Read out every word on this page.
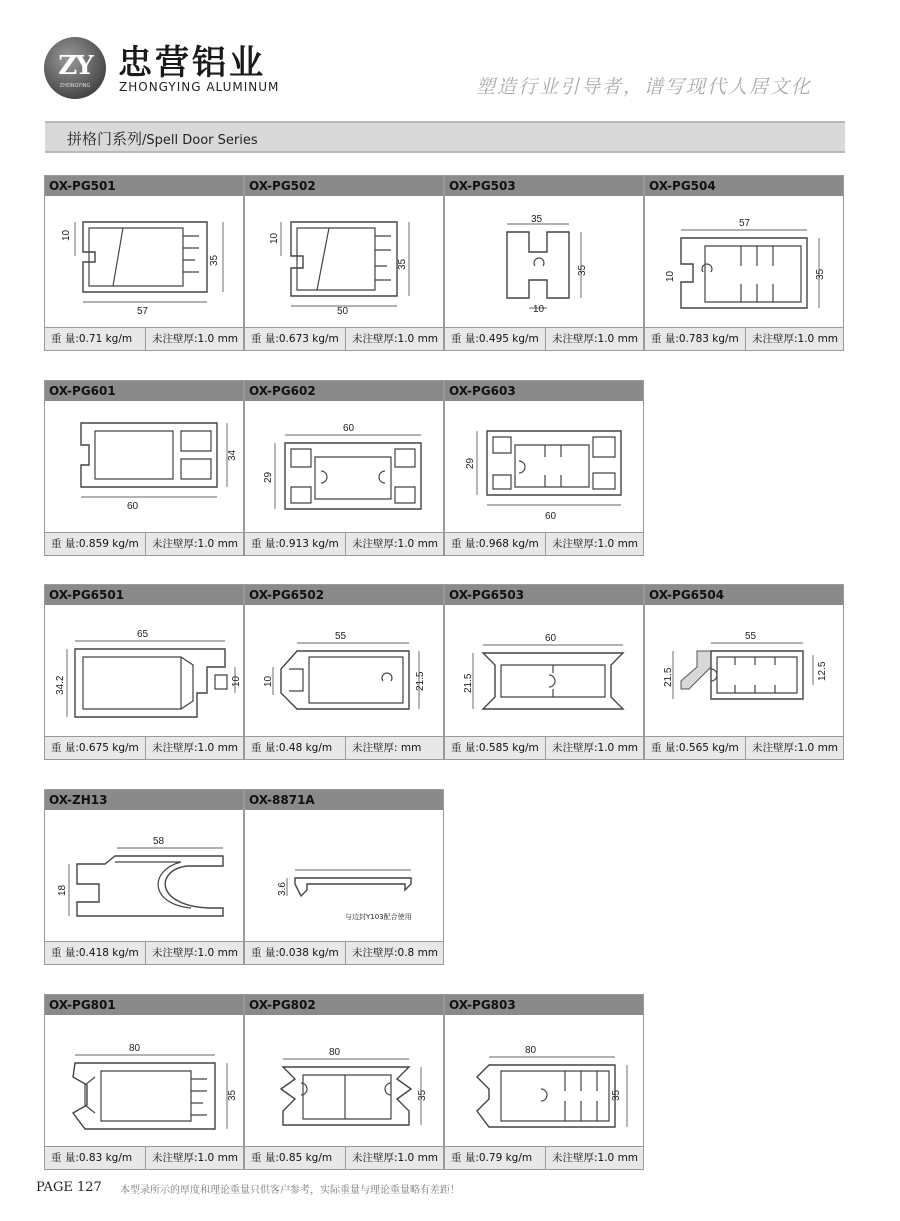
ZY
ZHONGYING
忠营铝业
ZHONGYING ALUMINUM	塑造行业引导者，谱写现代人居文化
拼格门系列/Spell Door Series
OX-PG501
10
35
57
重 量:0.71 kg/m 未注壁厚:1.0 mm
OX-PG502
10
35
50
重 量:0.673 kg/m 未注壁厚:1.0 mm
OX-PG503
35
35
10
重 量:0.495 kg/m 未注壁厚:1.0 mm
OX-PG504
57
10	35
重 量:0.783 kg/m 未注壁厚:1.0 mm
OX-PG601
34
60
重 量:0.859 kg/m 未注壁厚:1.0 mm
OX-PG602
60
29
重 量:0.913 kg/m 未注壁厚:1.0 mm
OX-PG603
29
60
重 量:0.968 kg/m 未注壁厚:1.0 mm
OX-PG6501
65
34.2	10
重 量:0.675 kg/m 未注壁厚:1.0 mm
OX-PG6502
55
10	21.5
重 量:0.48 kg/m 未注壁厚: mm
OX-PG6503
60
21.5
重 量:0.585 kg/m 未注壁厚:1.0 mm
OX-PG6504
55
21.5	12.5
重 量:0.565 kg/m 未注壁厚:1.0 mm
OX-ZH13
58
18
重 量:0.418 kg/m 未注壁厚:1.0 mm
OX-8871A
3.6
与边封Y103配合使用
重 量:0.038 kg/m 未注壁厚:0.8 mm
OX-PG801
80
35
重 量:0.83 kg/m 未注壁厚:1.0 mm
OX-PG802
80
35
重 量:0.85 kg/m 未注壁厚:1.0 mm
OX-PG803
80
35
重 量:0.79 kg/m 未注壁厚:1.0 mm
PAGE 127 本型录所示的厚度和理论重量只供客户参考，实际重量与理论重量略有差距！
